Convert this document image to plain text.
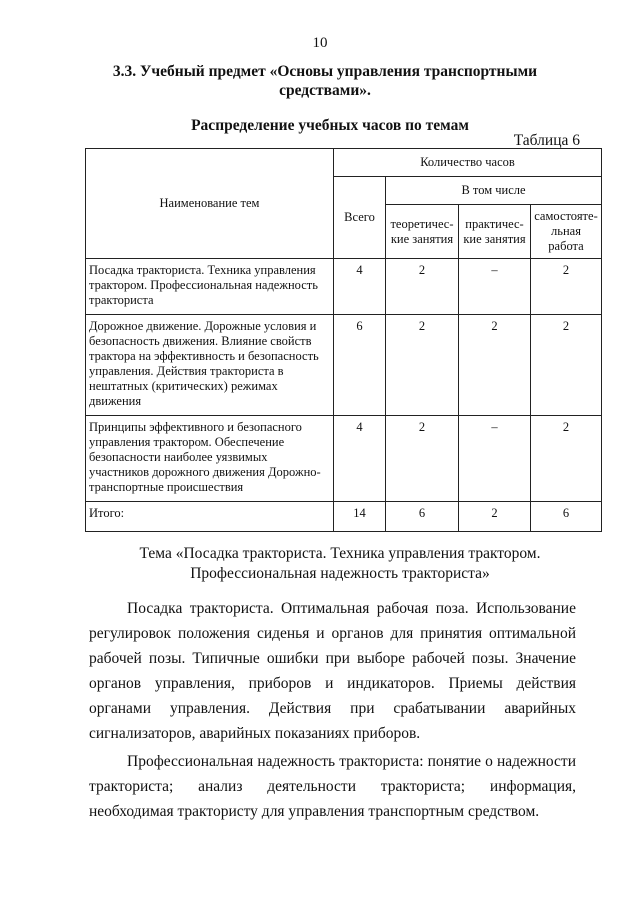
10
3.3. Учебный предмет «Основы управления транспортными средствами».
Распределение учебных часов по темам
Таблица 6
Наименование тем	Количество часов			
	Всего	В том числе		
		теоретичес-кие занятия	практичес-кие занятия	самостояте-льная работа
Посадка тракториста. Техника управления трактором. Профессиональная надежность тракториста	4	2	–	2
Дорожное движение. Дорожные условия и безопасность движения. Влияние свойств трактора на эффективность и безопасность управления. Действия тракториста в нештатных (критических) режимах движения	6	2	2	2
Принципы эффективного и безопасного управления трактором. Обеспечение безопасности наиболее уязвимых участников дорожного движения Дорожно-транспортные происшествия	4	2	–	2
Итого:	14	6	2	6
Тема «Посадка тракториста. Техника управления трактором. Профессиональная надежность тракториста»

Посадка тракториста. Оптимальная рабочая поза. Использование регулировок положения сиденья и органов для принятия оптимальной рабочей позы. Типичные ошибки при выборе рабочей позы. Значение органов управления, приборов и индикаторов. Приемы действия органами управления. Действия при срабатывании аварийных сигнализаторов, аварийных показаниях приборов.

Профессиональная надежность тракториста: понятие о надежности тракториста; анализ деятельности тракториста; информация, необходимая трактористу для управления транспортным средством.
